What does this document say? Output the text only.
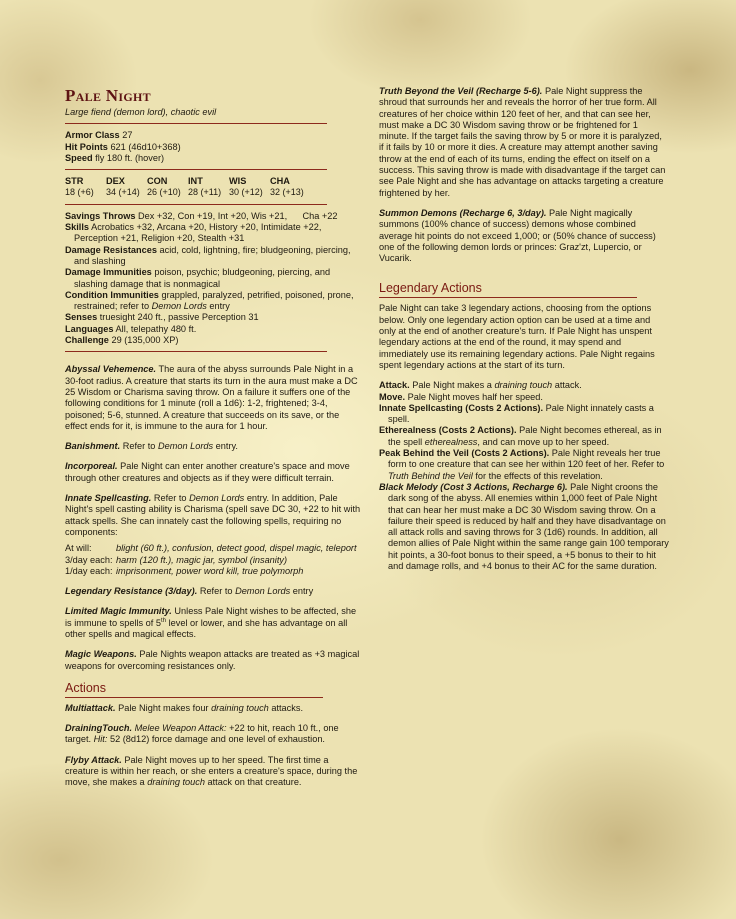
Pale Night

Large fiend (demon lord), chaotic evil

Armor Class 27

Hit Points 621 (46d10+368)

Speed fly 180 ft. (hover)

STR	DEX	CON	INT	WIS	CHA
18 (+6)	34 (+14) 26 (+10) 28 (+11) 30 (+12) 32 (+13)

Savings Throws Dex +32, Con +19, Int +20, Wis +21,      Cha +22

Skills Acrobatics +32, Arcana +20, History +20, Intimidate +22, Perception +21, Religion +20, Stealth +31

Damage Resistances acid, cold, lightning, fire; bludgeoning, piercing, and slashing

Damage Immunities poison, psychic; bludgeoning, piercing, and slashing damage that is nonmagical

Condition Immunities grappled, paralyzed, petrified, poisoned, prone, restrained; refer to Demon Lords entry

Senses truesight 240 ft., passive Perception 31

Languages All, telepathy 480 ft.

Challenge 29 (135,000 XP)

Abyssal Vehemence. The aura of the abyss surrounds Pale Night in a 30-foot radius. A creature that starts its turn in the aura must make a DC 25 Wisdom or Charisma saving throw. On a failure it suffers one of the following conditions for 1 minute (roll a 1d6): 1-2, frightened; 3-4, poisoned; 5-6, stunned. A creature that succeeds on its save, or the effect ends for it, is immune to the aura for 1 hour.

Banishment. Refer to Demon Lords entry.

Incorporeal. Pale Night can enter another creature's space and move through other creatures and objects as if they were difficult terrain.

Innate Spellcasting. Refer to Demon Lords entry. In addition, Pale Night's spell casting ability is Charisma (spell save DC 30, +22 to hit with attack spells. She can innately cast the following spells, requiring no components:

At will:	blight (60 ft.), confusion, detect good, dispel magic, teleport
3/day each: harm (120 ft.), magic jar, symbol (insanity)
1/day each: imprisonment, power word kill, true polymorph

Legendary Resistance (3/day). Refer to Demon Lords entry

Limited Magic Immunity. Unless Pale Night wishes to be affected, she is immune to spells of 5th level or lower, and she has advantage on all other spells and magical effects.

Magic Weapons. Pale Nights weapon attacks are treated as +3 magical weapons for overcoming resistances only.

Actions

Multiattack. Pale Night makes four draining touch attacks.

DrainingTouch. Melee Weapon Attack: +22 to hit, reach 10 ft., one target. Hit: 52 (8d12) force damage and one level of exhaustion.

Flyby Attack. Pale Night moves up to her speed. The first time a creature is within her reach, or she enters a creature's space, during the move, she makes a draining touch attack on that creature.

Truth Beyond the Veil (Recharge 5-6). Pale Night suppress the shroud that surrounds her and reveals the horror of her true form. All creatures of her choice within 120 feet of her, and that can see her, must make a DC 30 Wisdom saving throw or be frightened for 1 minute. If the target fails the saving throw by 5 or more it is paralyzed, if it fails by 10 or more it dies. A creature may attempt another saving throw at the end of each of its turns, ending the effect on itself on a success. This saving throw is made with disadvantage if the target can see Pale Night and she has advantage on attacks targeting a creature frightened by her.

Summon Demons (Recharge 6, 3/day). Pale Night magically summons (100% chance of success) demons whose combined average hit points do not exceed 1,000; or (50% chance of success) one of the following demon lords or princes: Graz'zt, Lupercio, or Vucarik.

Legendary Actions

Pale Night can take 3 legendary actions, choosing from the options below. Only one legendary action option can be used at a time and only at the end of another creature's turn. If Pale Night has unspent legendary actions at the end of the round, it may spend and immediately use its remaining legendary actions. Pale Night regains spent legendary actions at the start of its turn.

Attack. Pale Night makes a draining touch attack.

Move. Pale Night moves half her speed.

Innate Spellcasting (Costs 2 Actions). Pale Night innately casts a spell.

Etherealness (Costs 2 Actions). Pale Night becomes ethereal, as in the spell etherealness, and can move up to her speed.

Peak Behind the Veil (Costs 2 Actions). Pale Night reveals her true form to one creature that can see her within 120 feet of her. Refer to Truth Behind the Veil for the effects of this revelation.

Black Melody (Cost 3 Actions, Recharge 6). Pale Night croons the dark song of the abyss. All enemies within 1,000 feet of Pale Night that can hear her must make a DC 30 Wisdom saving throw. On a failure their speed is reduced by half and they have disadvantage on all attack rolls and saving throws for 3 (1d6) rounds. In addition, all demon allies of Pale Night within the same range gain 100 temporary hit points, a 30-foot bonus to their speed, a +5 bonus to their to hit and damage rolls, and +4 bonus to their AC for the same duration.
